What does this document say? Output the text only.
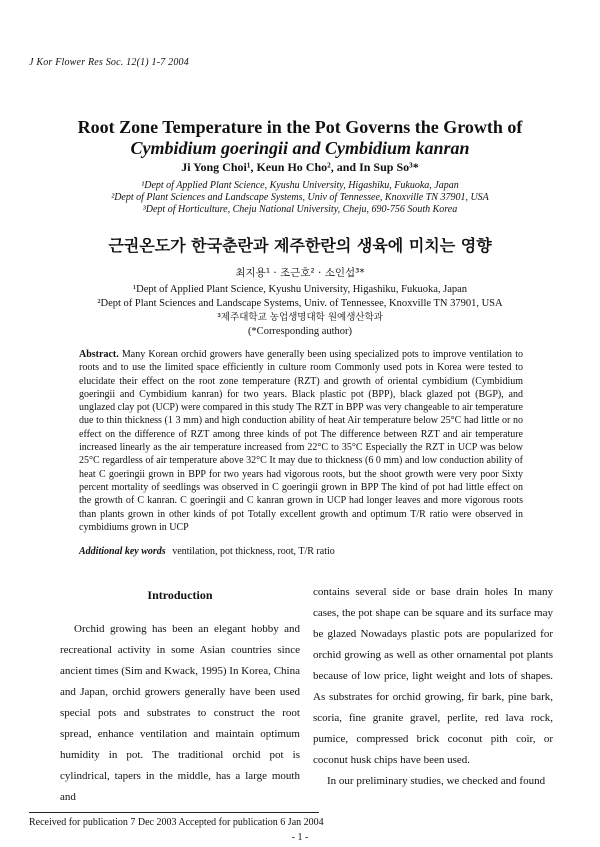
J Kor Flower Res Soc. 12(1) 1-7 2004
Root Zone Temperature in the Pot Governs the Growth of
Cymbidium goeringii and Cymbidium kanran
Ji Yong Choi¹, Keun Ho Cho², and In Sup So³*
¹Dept of Applied Plant Science, Kyushu University, Higashiku, Fukuoka, Japan
²Dept of Plant Sciences and Landscape Systems, Univ of Tennessee, Knoxville TN 37901, USA
³Dept of Horticulture, Cheju National University, Cheju, 690-756 South Korea
근권온도가 한국춘란과 제주한란의 생육에 미치는 영향
최지용¹ · 조근호² · 소인섭³*
¹Dept of Applied Plant Science, Kyushu University, Higashiku, Fukuoka, Japan
²Dept of Plant Sciences and Landscape Systems, Univ. of Tennessee, Knoxville TN 37901, USA
³제주대학교 농업생명대학 원예생산학과
(*Corresponding author)
Abstract. Many Korean orchid growers have generally been using specialized pots to improve ventilation to roots and to use the limited space efficiently in culture room Commonly used pots in Korea were tested to elucidate their effect on the root zone temperature (RZT) and growth of oriental cymbidium (Cymbidium goeringii and Cymbidium kanran) for two years. Black plastic pot (BPP), black glazed pot (BGP), and unglazed clay pot (UCP) were compared in this study The RZT in BPP was very changeable to air temperature due to thin thickness (1 3 mm) and high conduction ability of heat Air temperature below 25°C had little or no effect on the difference of RZT among three kinds of pot The difference between RZT and air temperature increased linearly as the air temperature increased from 22°C to 35°C Especially the RZT in UCP was below 25°C regardless of air temperature above 32°C It may due to thickness (6 0 mm) and low conduction ability of heat C goeringii grown in BPP for two years had vigorous roots, but the shoot growth were very poor Sixty percent mortality of seedlings was observed in C goeringii grown in BPP The kind of pot had little effect on the growth of C kanran. C goeringii and C kanran grown in UCP had longer leaves and more vigorous roots than plants grown in other kinds of pot Totally excellent growth and optimum T/R ratio were observed in cymbidiums grown in UCP
Additional key words ventilation, pot thickness, root, T/R ratio
Introduction

Orchid growing has been an elegant hobby and recreational activity in some Asian countries since ancient times (Sim and Kwack, 1995) In Korea, China and Japan, orchid growers generally have been used special pots and substrates to construct the root spread, enhance ventilation and maintain optimum humidity in pot. The traditional orchid pot is cylindrical, tapers in the middle, has a large mouth and

contains several side or base drain holes In many cases, the pot shape can be square and its surface may be glazed Nowadays plastic pots are popularized for orchid growing as well as other ornamental pot plants because of low price, light weight and lots of shapes. As substrates for orchid growing, fir bark, pine bark, scoria, fine granite gravel, perlite, red lava rock, pumice, compressed brick coconut pith coir, or coconut husk chips have been used.

In our preliminary studies, we checked and found

Received for publication 7 Dec 2003 Accepted for publication 6 Jan 2004
- 1 -
